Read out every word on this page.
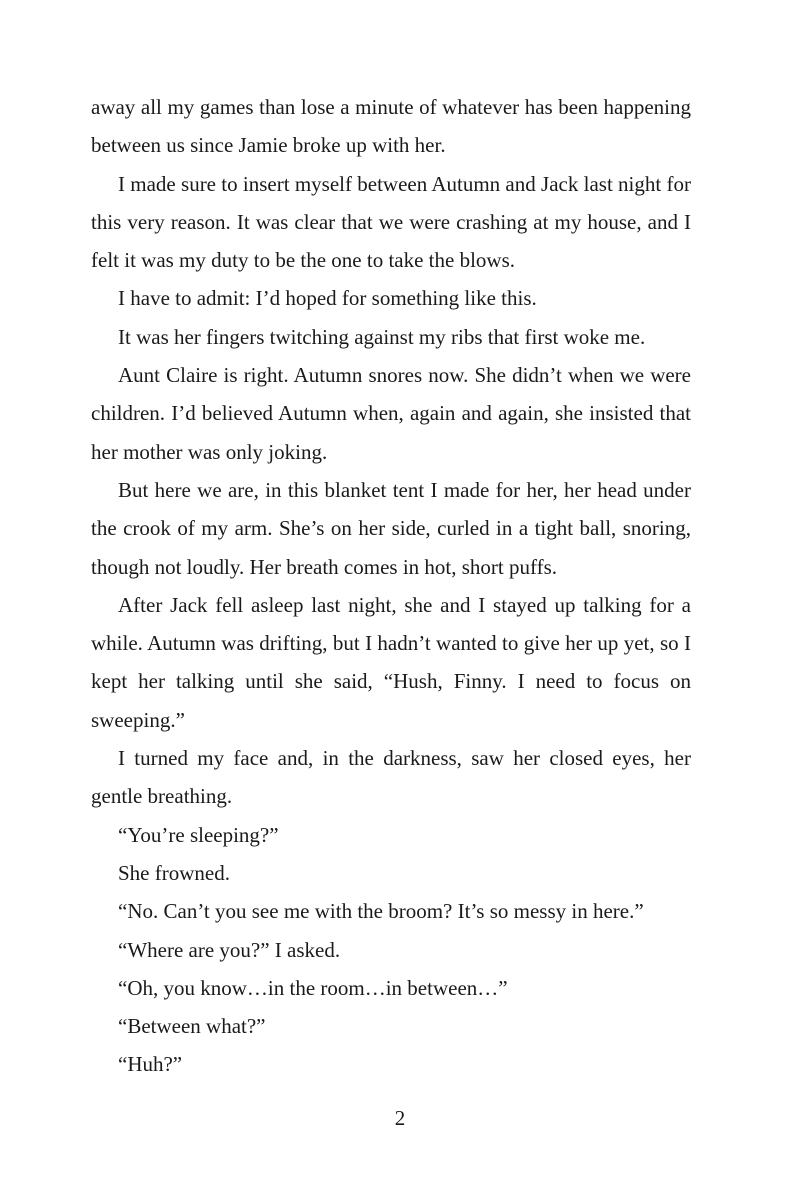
away all my games than lose a minute of whatever has been happening between us since Jamie broke up with her.

I made sure to insert myself between Autumn and Jack last night for this very reason. It was clear that we were crashing at my house, and I felt it was my duty to be the one to take the blows.

I have to admit: I’d hoped for something like this.

It was her fingers twitching against my ribs that first woke me.

Aunt Claire is right. Autumn snores now. She didn’t when we were children. I’d believed Autumn when, again and again, she insisted that her mother was only joking.

But here we are, in this blanket tent I made for her, her head under the crook of my arm. She’s on her side, curled in a tight ball, snoring, though not loudly. Her breath comes in hot, short puffs.

After Jack fell asleep last night, she and I stayed up talking for a while. Autumn was drifting, but I hadn’t wanted to give her up yet, so I kept her talking until she said, “Hush, Finny. I need to focus on sweeping.”

I turned my face and, in the darkness, saw her closed eyes, her gentle breathing.

“You’re sleeping?”

She frowned.

“No. Can’t you see me with the broom? It’s so messy in here.”

“Where are you?” I asked.

“Oh, you know…in the room…in between…”

“Between what?”

“Huh?”

2
